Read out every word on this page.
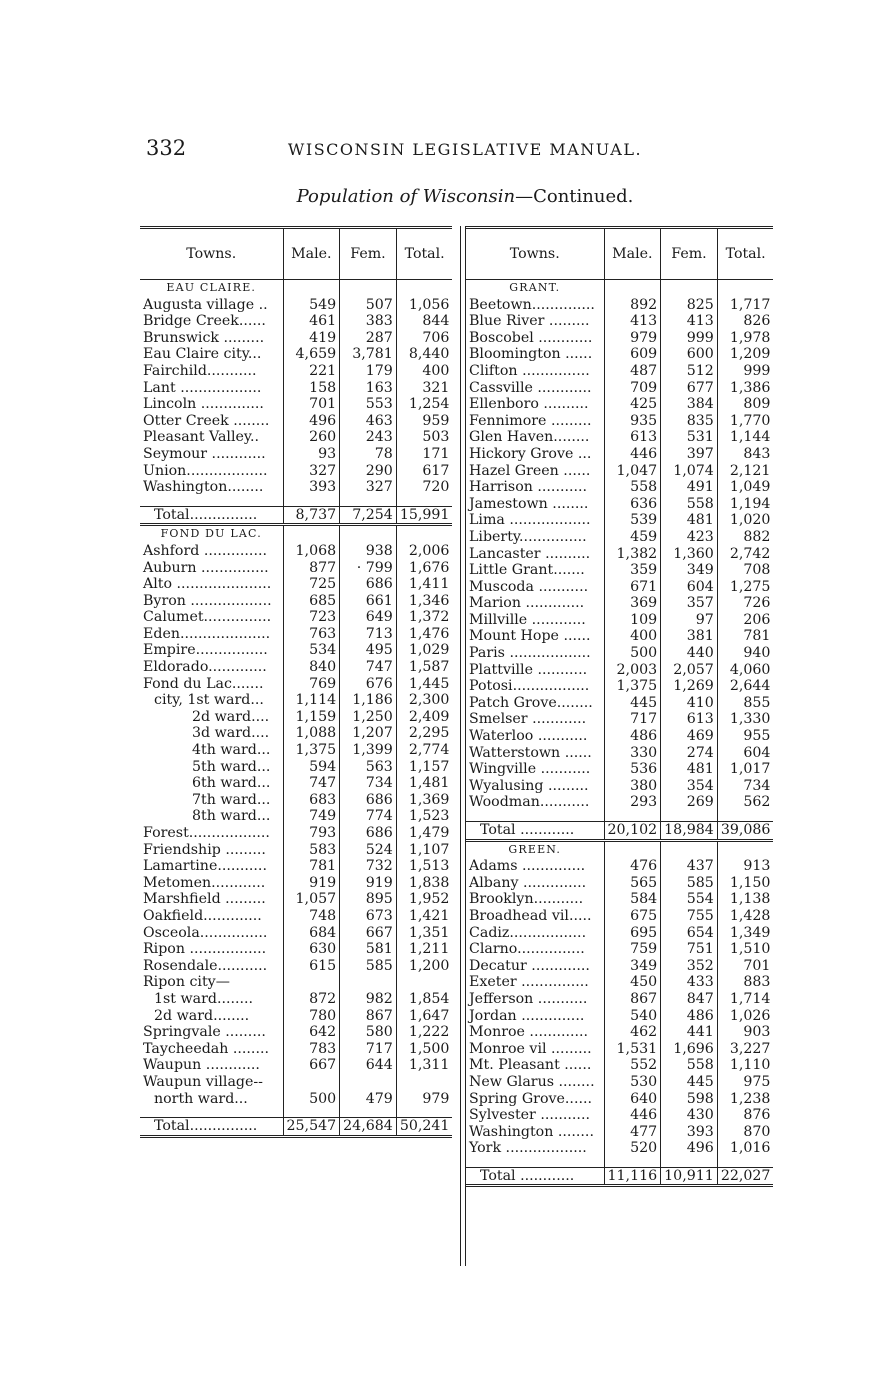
332	WISCONSIN LEGISLATIVE MANUAL.
Population of Wisconsin—Continued.

Towns.	Male.	Fem.	Total.
EAU CLAIRE.			
Augusta village ..	549	507	1,056
Bridge Creek......	461	383	844
Brunswick .........	419	287	706
Eau Claire city...	4,659	3,781	8,440
Fairchild...........	221	179	400
Lant ..................	158	163	321
Lincoln ..............	701	553	1,254
Otter Creek ........	496	463	959
Pleasant Valley..	260	243	503
Seymour ............	93	78	171
Union..................	327	290	617
Washington........	393	327	720

Total...............	8,737	7,254	15,991
FOND DU LAC.			
Ashford ..............	1,068	938	2,006
Auburn ...............	877	· 799	1,676
Alto .....................	725	686	1,411
Byron ..................	685	661	1,346
Calumet...............	723	649	1,372
Eden....................	763	713	1,476
Empire................	534	495	1,029
Eldorado.............	840	747	1,587
Fond du Lac.......	769	676	1,445
city, 1st ward...	1,114	1,186	2,300
2d ward....	1,159	1,250	2,409
3d ward....	1,088	1,207	2,295
4th ward...	1,375	1,399	2,774
5th ward...	594	563	1,157
6th ward...	747	734	1,481
7th ward...	683	686	1,369
8th ward...	749	774	1,523
Forest..................	793	686	1,479
Friendship .........	583	524	1,107
Lamartine...........	781	732	1,513
Metomen............	919	919	1,838
Marshfield .........	1,057	895	1,952
Oakfield.............	748	673	1,421
Osceola...............	684	667	1,351
Ripon .................	630	581	1,211
Rosendale...........	615	585	1,200
Ripon city—			
1st ward........	872	982	1,854
2d ward........	780	867	1,647
Springvale .........	642	580	1,222
Taycheedah ........	783	717	1,500
Waupun ............	667	644	1,311
Waupun village--			
north ward...	500	479	979

Total...............	25,547	24,684	50,241

Towns.	Male.	Fem.	Total.
GRANT.			
Beetown..............	892	825	1,717
Blue River .........	413	413	826
Boscobel ............	979	999	1,978
Bloomington ......	609	600	1,209
Clifton ...............	487	512	999
Cassville ............	709	677	1,386
Ellenboro ..........	425	384	809
Fennimore .........	935	835	1,770
Glen Haven........	613	531	1,144
Hickory Grove ...	446	397	843
Hazel Green ......	1,047	1,074	2,121
Harrison ...........	558	491	1,049
Jamestown ........	636	558	1,194
Lima ..................	539	481	1,020
Liberty...............	459	423	882
Lancaster ..........	1,382	1,360	2,742
Little Grant.......	359	349	708
Muscoda ...........	671	604	1,275
Marion .............	369	357	726
Millville ............	109	97	206
Mount Hope ......	400	381	781
Paris ..................	500	440	940
Plattville ...........	2,003	2,057	4,060
Potosi.................	1,375	1,269	2,644
Patch Grove........	445	410	855
Smelser ............	717	613	1,330
Waterloo ...........	486	469	955
Watterstown ......	330	274	604
Wingville ...........	536	481	1,017
Wyalusing .........	380	354	734
Woodman...........	293	269	562

Total ............	20,102	18,984	39,086
GREEN.			
Adams ..............	476	437	913
Albany ..............	565	585	1,150
Brooklyn...........	584	554	1,138
Broadhead vil.....	675	755	1,428
Cadiz.................	695	654	1,349
Clarno...............	759	751	1,510
Decatur .............	349	352	701
Exeter ...............	450	433	883
Jefferson ...........	867	847	1,714
Jordan ..............	540	486	1,026
Monroe .............	462	441	903
Monroe vil .........	1,531	1,696	3,227
Mt. Pleasant ......	552	558	1,110
New Glarus ........	530	445	975
Spring Grove......	640	598	1,238
Sylvester ...........	446	430	876
Washington ........	477	393	870
York ..................	520	496	1,016

Total ............	11,116	10,911	22,027
